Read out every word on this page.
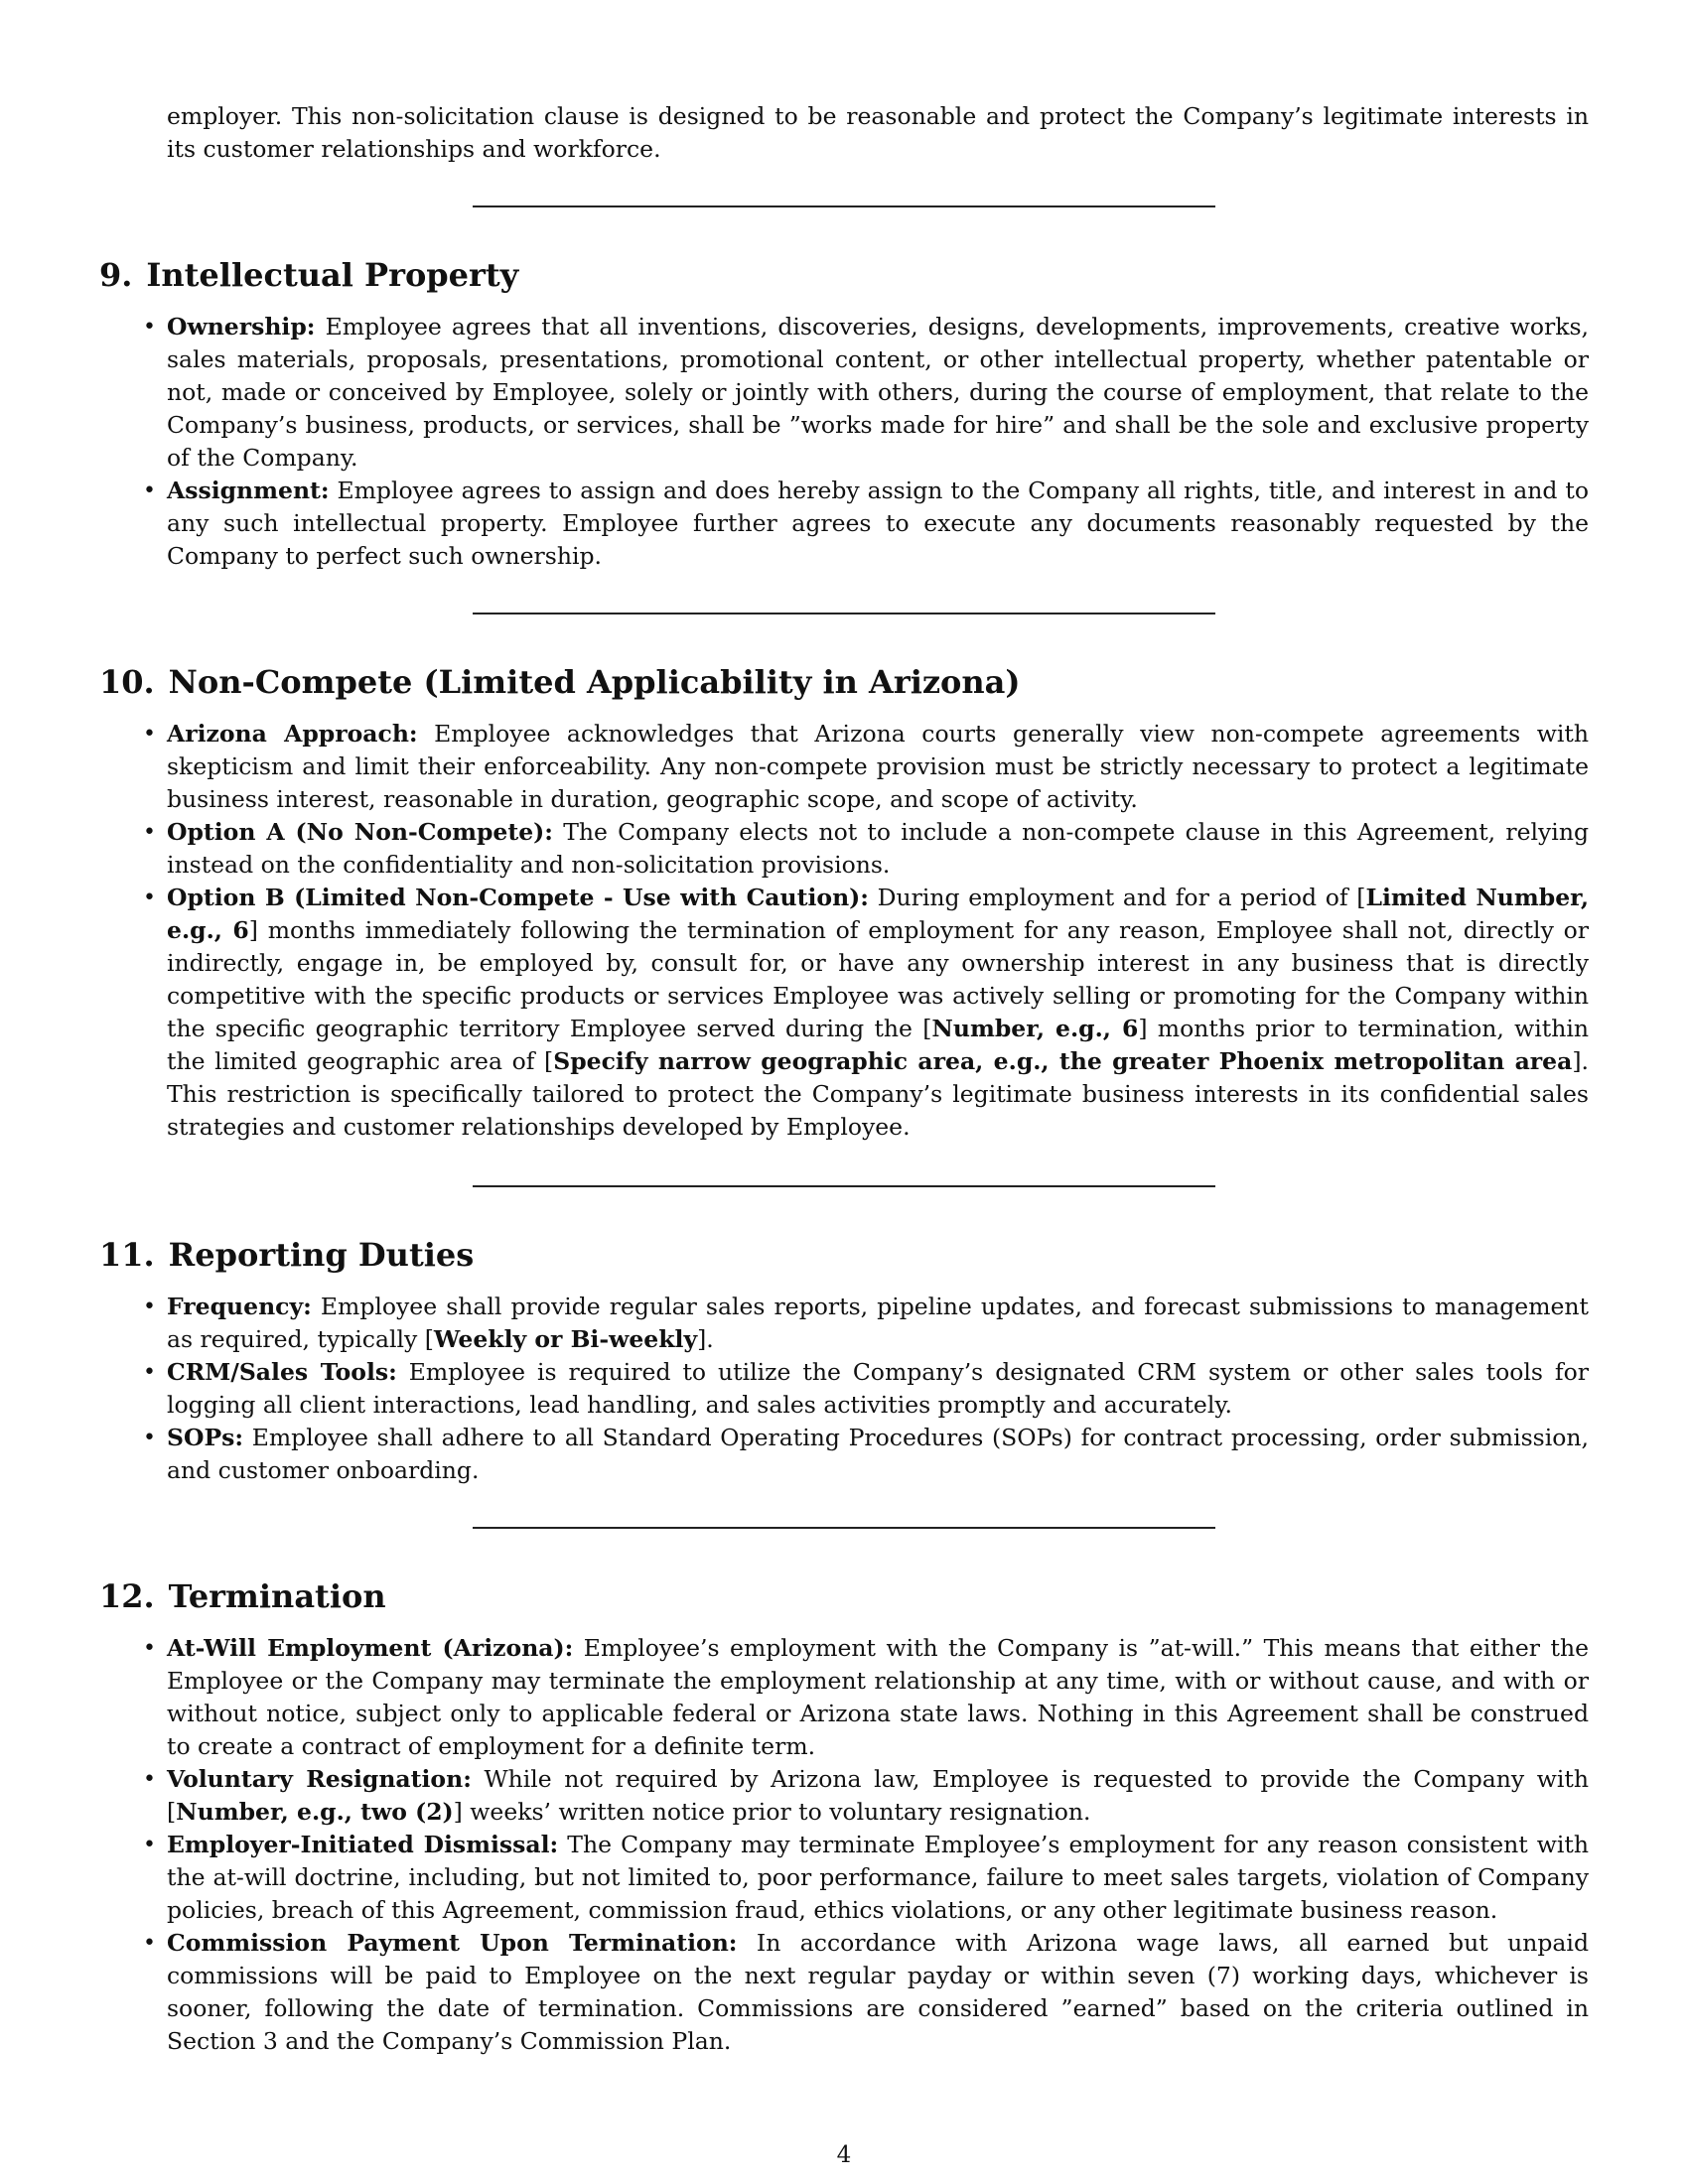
employer. This non-solicitation clause is designed to be reasonable and protect the Company’s legitimate interests in its customer relationships and workforce.

9. Intellectual Property
• Ownership: Employee agrees that all inventions, discoveries, designs, developments, improvements, creative works, sales materials, proposals, presentations, promotional content, or other intellectual property, whether patentable or not, made or conceived by Employee, solely or jointly with others, during the course of employment, that relate to the Company’s business, products, or services, shall be ”works made for hire” and shall be the sole and exclusive property of the Company.
• Assignment: Employee agrees to assign and does hereby assign to the Company all rights, title, and interest in and to any such intellectual property. Employee further agrees to execute any documents reasonably requested by the Company to perfect such ownership.
10. Non-Compete (Limited Applicability in Arizona)
• Arizona Approach: Employee acknowledges that Arizona courts generally view non-compete agreements with skepticism and limit their enforceability. Any non-compete provision must be strictly necessary to protect a legitimate business interest, reasonable in duration, geographic scope, and scope of activity.
• Option A (No Non-Compete): The Company elects not to include a non-compete clause in this Agreement, relying instead on the confidentiality and non-solicitation provisions.
• Option B (Limited Non-Compete - Use with Caution): During employment and for a period of [Limited Number, e.g., 6] months immediately following the termination of employment for any reason, Employee shall not, directly or indirectly, engage in, be employed by, consult for, or have any ownership interest in any business that is directly competitive with the specific products or services Employee was actively selling or promoting for the Company within the specific geographic territory Employee served during the [Number, e.g., 6] months prior to termination, within the limited geographic area of [Specify narrow geographic area, e.g., the greater Phoenix metropolitan area]. This restriction is specifically tailored to protect the Company’s legitimate business interests in its confidential sales strategies and customer relationships developed by Employee.
11. Reporting Duties
• Frequency: Employee shall provide regular sales reports, pipeline updates, and forecast submissions to management as required, typically [Weekly or Bi-weekly].
• CRM/Sales Tools: Employee is required to utilize the Company’s designated CRM system or other sales tools for logging all client interactions, lead handling, and sales activities promptly and accurately.
• SOPs: Employee shall adhere to all Standard Operating Procedures (SOPs) for contract processing, order submission, and customer onboarding.
12. Termination
• At-Will Employment (Arizona): Employee’s employment with the Company is ”at-will.” This means that either the Employee or the Company may terminate the employment relationship at any time, with or without cause, and with or without notice, subject only to applicable federal or Arizona state laws. Nothing in this Agreement shall be construed to create a contract of employment for a definite term.
• Voluntary Resignation: While not required by Arizona law, Employee is requested to provide the Company with [Number, e.g., two (2)] weeks’ written notice prior to voluntary resignation.
• Employer-Initiated Dismissal: The Company may terminate Employee’s employment for any reason consistent with the at-will doctrine, including, but not limited to, poor performance, failure to meet sales targets, violation of Company policies, breach of this Agreement, commission fraud, ethics violations, or any other legitimate business reason.
• Commission Payment Upon Termination: In accordance with Arizona wage laws, all earned but unpaid commissions will be paid to Employee on the next regular payday or within seven (7) working days, whichever is sooner, following the date of termination. Commissions are considered ”earned” based on the criteria outlined in Section 3 and the Company’s Commission Plan.
4
